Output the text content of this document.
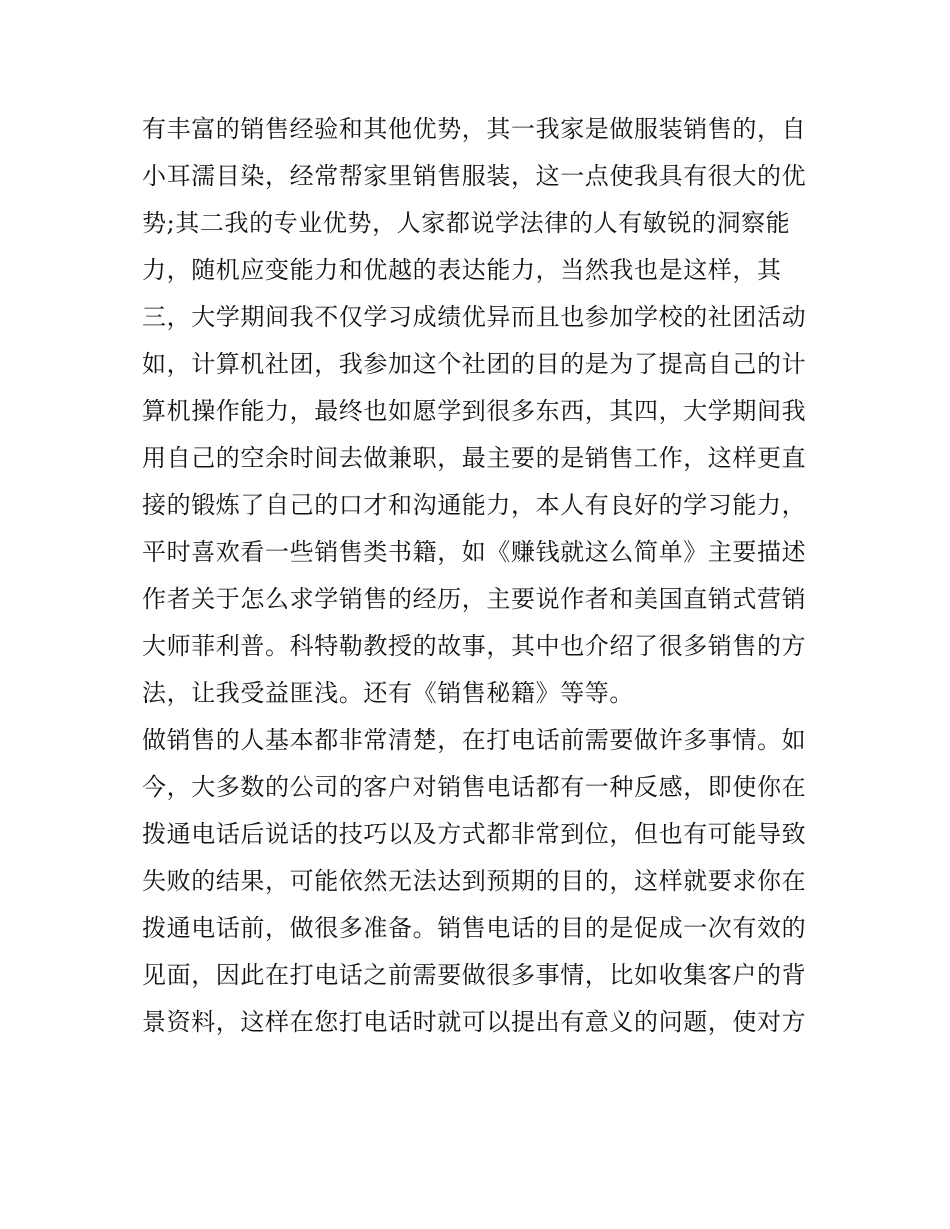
有丰富的销售经验和其他优势，其一我家是做服装销售的，自
小耳濡目染，经常帮家里销售服装，这一点使我具有很大的优
势;其二我的专业优势，人家都说学法律的人有敏锐的洞察能
力，随机应变能力和优越的表达能力，当然我也是这样，其
三，大学期间我不仅学习成绩优异而且也参加学校的社团活动
如，计算机社团，我参加这个社团的目的是为了提高自己的计
算机操作能力，最终也如愿学到很多东西，其四，大学期间我
用自己的空余时间去做兼职，最主要的是销售工作，这样更直
接的锻炼了自己的口才和沟通能力，本人有良好的学习能力，
平时喜欢看一些销售类书籍，如《赚钱就这么简单》主要描述
作者关于怎么求学销售的经历，主要说作者和美国直销式营销
大师菲利普。科特勒教授的故事，其中也介绍了很多销售的方
法，让我受益匪浅。还有《销售秘籍》等等。
做销售的人基本都非常清楚，在打电话前需要做许多事情。如
今，大多数的公司的客户对销售电话都有一种反感，即使你在
拨通电话后说话的技巧以及方式都非常到位，但也有可能导致
失败的结果，可能依然无法达到预期的目的，这样就要求你在
拨通电话前，做很多准备。销售电话的目的是促成一次有效的
见面，因此在打电话之前需要做很多事情，比如收集客户的背
景资料，这样在您打电话时就可以提出有意义的问题，使对方
